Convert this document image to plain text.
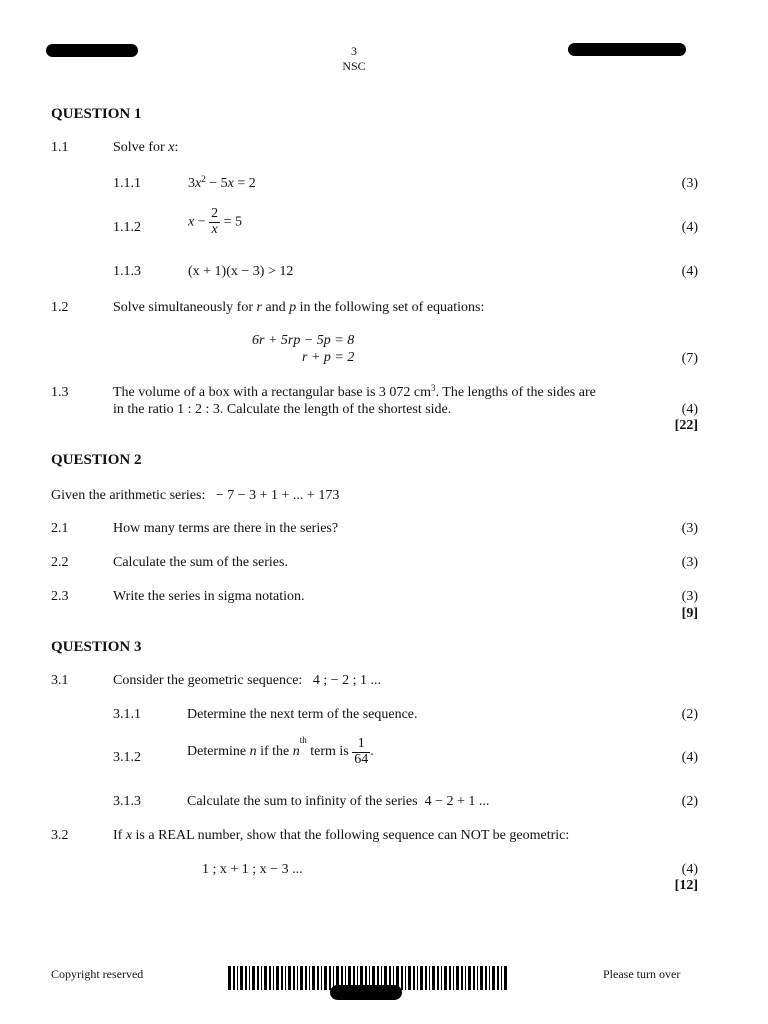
3
NSC
QUESTION 1
1.1	Solve for x:
1.1.1	$3x^2 - 5x = 2$	(3)
1.1.2	$x - \frac{2}{x} = 5$	(4)
1.1.3	(x + 1)(x − 3) > 12	(4)
1.2	Solve simultaneously for r and p in the following set of equations:
6r + 5rp − 5p = 8
r + p = 2	(7)
1.3	The volume of a box with a rectangular base is 3 072 $cm^3$. The lengths of the sides are
in the ratio 1 : 2 : 3. Calculate the length of the shortest side.	(4)
[22]
QUESTION 2
Given the arithmetic series: − 7 − 3 + 1 + ... + 173
2.1	How many terms are there in the series?	(3)
2.2	Calculate the sum of the series.	(3)
2.3	Write the series in sigma notation.	(3)
[9]
QUESTION 3
3.1	Consider the geometric sequence: 4 ; − 2 ; 1 ...
3.1.1	Determine the next term of the sequence.	(2)
3.1.2	Determine n if the $n^{th}$ term is $\frac{1}{64}$ .	(4)
3.1.3	Calculate the sum to infinity of the series 4 − 2 + 1 ...	(2)
3.2	If x is a REAL number, show that the following sequence can NOT be geometric:
1 ; x + 1 ; x − 3 ...	(4)
[12]
Copyright reserved	Please turn over
